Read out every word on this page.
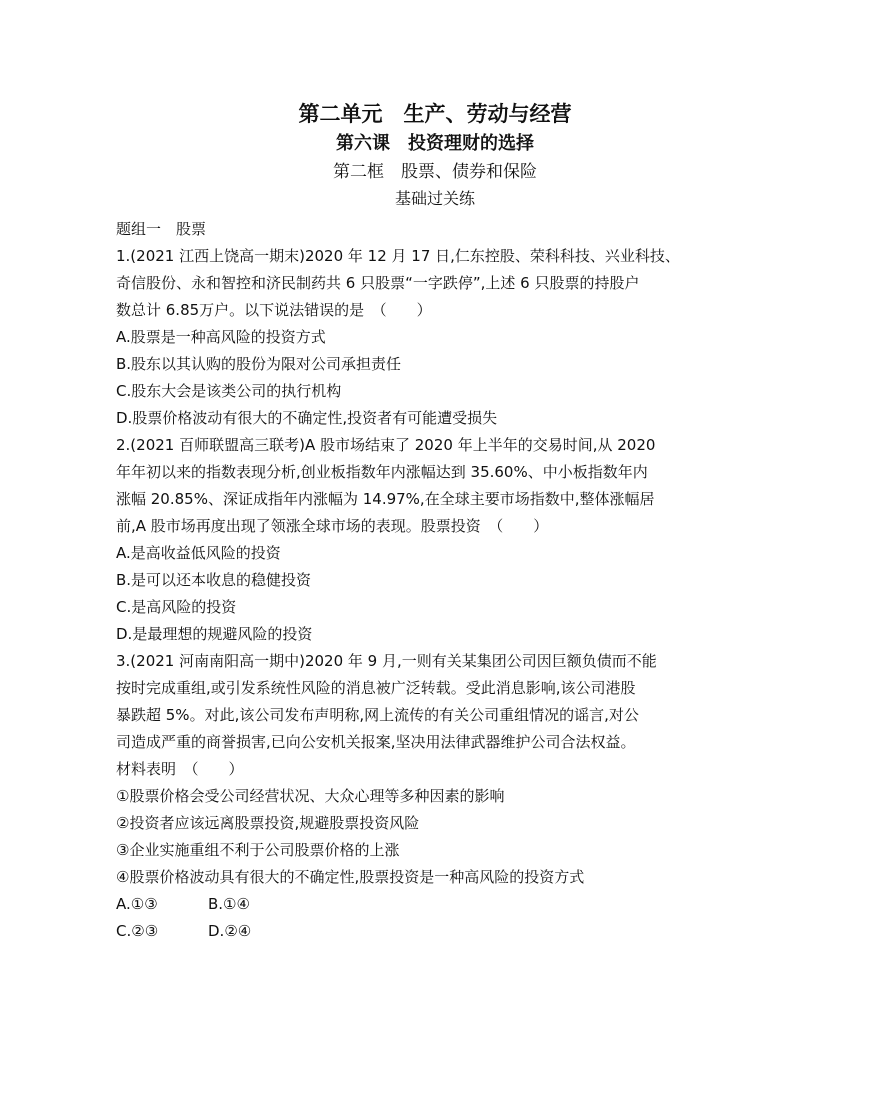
第二单元　生产、劳动与经营
第六课　投资理财的选择
第二框　股票、债券和保险
基础过关练
题组一　股票
1.(2021 江西上饶高一期末)2020 年 12 月 17 日,仁东控股、荣科科技、兴业科技、
奇信股份、永和智控和济民制药共 6 只股票“一字跌停”,上述 6 只股票的持股户
数总计 6.85万户。以下说法错误的是　（　　）
A.股票是一种高风险的投资方式
B.股东以其认购的股份为限对公司承担责任
C.股东大会是该类公司的执行机构
D.股票价格波动有很大的不确定性,投资者有可能遭受损失
2.(2021 百师联盟高三联考)A 股市场结束了 2020 年上半年的交易时间,从 2020
年年初以来的指数表现分析,创业板指数年内涨幅达到 35.60%、中小板指数年内
涨幅 20.85%、深证成指年内涨幅为 14.97%,在全球主要市场指数中,整体涨幅居
前,A 股市场再度出现了领涨全球市场的表现。股票投资　（　　）
A.是高收益低风险的投资
B.是可以还本收息的稳健投资
C.是高风险的投资
D.是最理想的规避风险的投资
3.(2021 河南南阳高一期中)2020 年 9 月,一则有关某集团公司因巨额负债而不能
按时完成重组,或引发系统性风险的消息被广泛转载。受此消息影响,该公司港股
暴跌超 5%。对此,该公司发布声明称,网上流传的有关公司重组情况的谣言,对公
司造成严重的商誉损害,已向公安机关报案,坚决用法律武器维护公司合法权益。
材料表明　（　　）
①股票价格会受公司经营状况、大众心理等多种因素的影响
②投资者应该远离股票投资,规避股票投资风险
③企业实施重组不利于公司股票价格的上涨
④股票价格波动具有很大的不确定性,股票投资是一种高风险的投资方式
A.①③	B.①④
C.②③	D.②④
